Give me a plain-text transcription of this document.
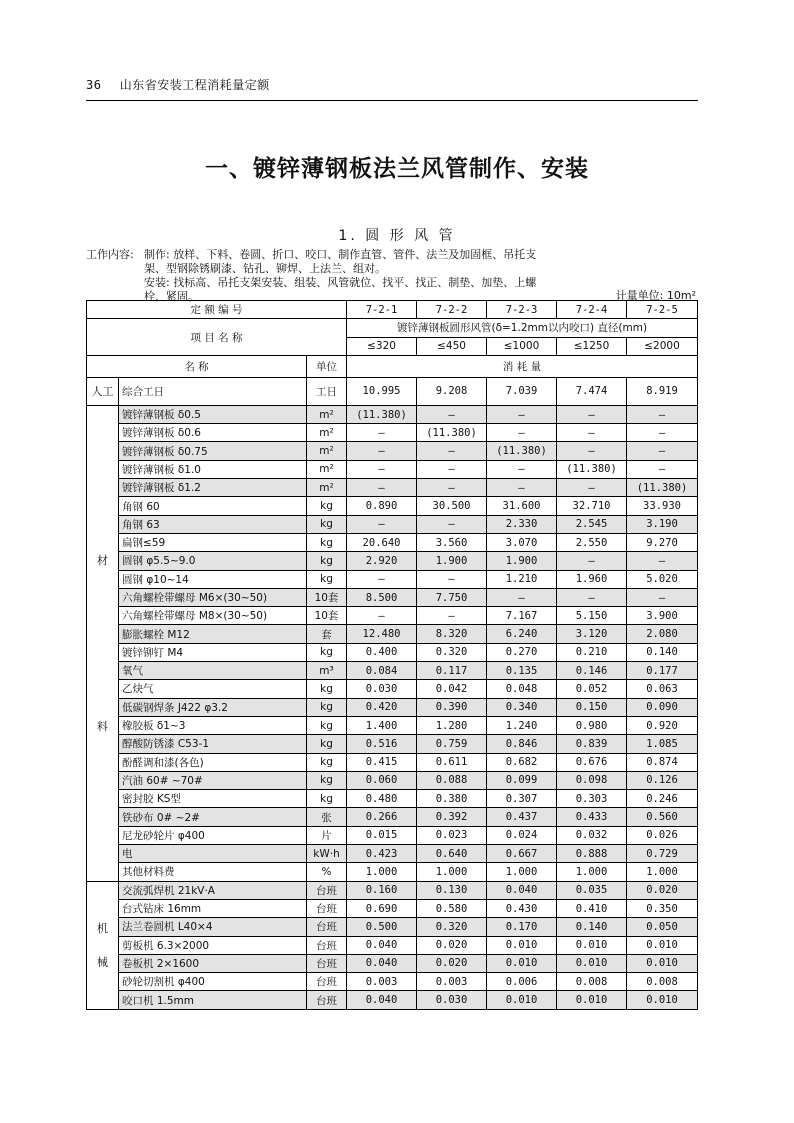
36 山东省安装工程消耗量定额
一、镀锌薄钢板法兰风管制作、安装
1. 圆 形 风 管
工作内容: 制作: 放样、下料、卷圆、折口、咬口、制作直管、管件、法兰及加固框、吊托支
架、型钢除锈刷漆、钻孔、铆焊、上法兰、组对。
安装: 找标高、吊托支架安装、组装、风管就位、找平、找正、制垫、加垫、上螺
栓、紧固。	计量单位: 10m²
定 额 编 号			7-2-1	7-2-2	7-2-3	7-2-4	7-2-5
项 目 名 称			镀锌薄钢板圆形风管(δ=1.2mm以内咬口) 直径(mm)				
			≤320	≤450	≤1000	≤1250	≤2000
名 称		单位	消 耗 量				
人工	综合工日	工日	10.995	9.208	7.039	7.474	8.919

材
料	镀锌薄钢板 δ0.5	m²	(11.380)	—	—	—	—
	镀锌薄钢板 δ0.6	m²	—	(11.380)	—	—	—
	镀锌薄钢板 δ0.75	m²	—	—	(11.380)	—	—
	镀锌薄钢板 δ1.0	m²	—	—	—	(11.380)	—
	镀锌薄钢板 δ1.2	m²	—	—	—	—	(11.380)
	角钢 60	kg	0.890	30.500	31.600	32.710	33.930
	角钢 63	kg	—	—	2.330	2.545	3.190
	扁钢≤59	kg	20.640	3.560	3.070	2.550	9.270
	圆钢 φ5.5~9.0	kg	2.920	1.900	1.900	—	—
	圆钢 φ10~14	kg	—	—	1.210	1.960	5.020
	六角螺栓带螺母 M6×(30~50)	10套	8.500	7.750	—	—	—
	六角螺栓带螺母 M8×(30~50)	10套	—	—	7.167	5.150	3.900
	膨胀螺栓 M12	套	12.480	8.320	6.240	3.120	2.080
	镀锌铆钉 M4	kg	0.400	0.320	0.270	0.210	0.140
	氧气	m³	0.084	0.117	0.135	0.146	0.177
	乙炔气	kg	0.030	0.042	0.048	0.052	0.063
	低碳钢焊条 J422 φ3.2	kg	0.420	0.390	0.340	0.150	0.090
	橡胶板 δ1~3	kg	1.400	1.280	1.240	0.980	0.920
	醇酸防锈漆 C53-1	kg	0.516	0.759	0.846	0.839	1.085
	酚醛调和漆(各色)	kg	0.415	0.611	0.682	0.676	0.874
	汽油 60# ~70#	kg	0.060	0.088	0.099	0.098	0.126
	密封胶 KS型	kg	0.480	0.380	0.307	0.303	0.246
	铁砂布 0# ~2#	张	0.266	0.392	0.437	0.433	0.560
	尼龙砂轮片 φ400	片	0.015	0.023	0.024	0.032	0.026
	电	kW·h	0.423	0.640	0.667	0.888	0.729
	其他材料费	%	1.000	1.000	1.000	1.000	1.000

机
械	交流弧焊机 21kV·A	台班	0.160	0.130	0.040	0.035	0.020
	台式钻床 16mm	台班	0.690	0.580	0.430	0.410	0.350
	法兰卷圆机 L40×4	台班	0.500	0.320	0.170	0.140	0.050
	剪板机 6.3×2000	台班	0.040	0.020	0.010	0.010	0.010
	卷板机 2×1600	台班	0.040	0.020	0.010	0.010	0.010
	砂轮切割机 φ400	台班	0.003	0.003	0.006	0.008	0.008
	咬口机 1.5mm	台班	0.040	0.030	0.010	0.010	0.010
